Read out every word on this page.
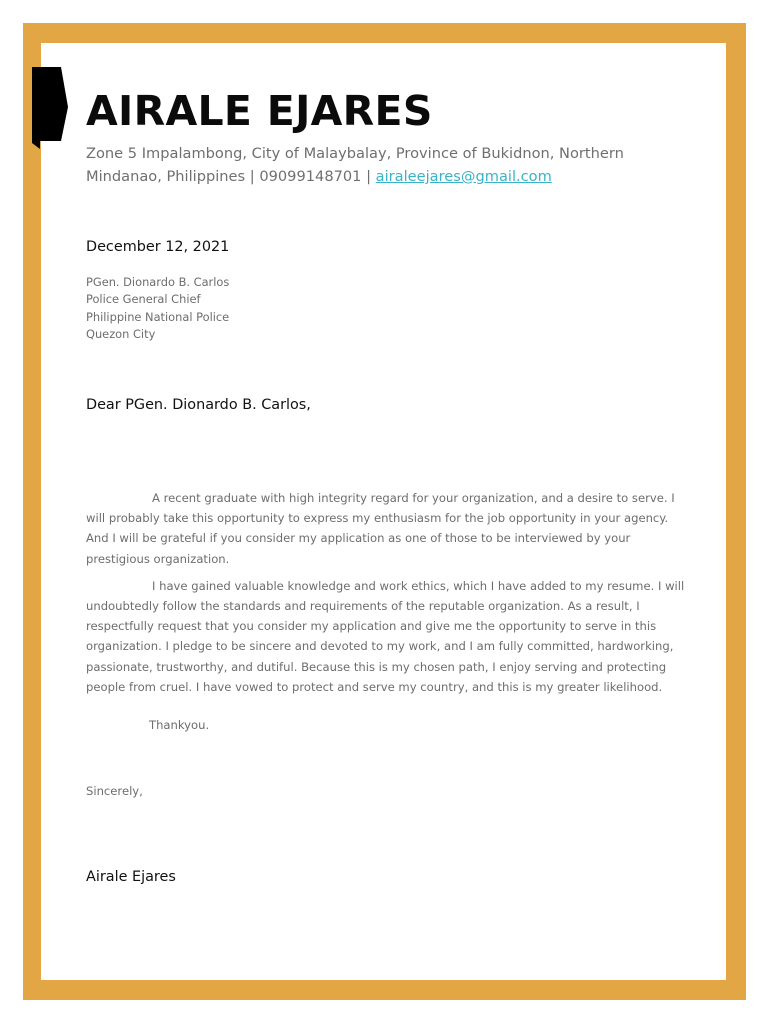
AIRALE EJARES
Zone 5 Impalambong, City of Malaybalay, Province of Bukidnon, Northern Mindanao, Philippines | 09099148701 | airaleejares@gmail.com
December 12, 2021
PGen. Dionardo B. Carlos
Police General Chief
Philippine National Police
Quezon City
Dear PGen. Dionardo B. Carlos,

A recent graduate with high integrity regard for your organization, and a desire to serve. I will probably take this opportunity to express my enthusiasm for the job opportunity in your agency. And I will be grateful if you consider my application as one of those to be interviewed by your prestigious organization.

I have gained valuable knowledge and work ethics, which I have added to my resume. I will undoubtedly follow the standards and requirements of the reputable organization. As a result, I respectfully request that you consider my application and give me the opportunity to serve in this organization. I pledge to be sincere and devoted to my work, and I am fully committed, hardworking, passionate, trustworthy, and dutiful. Because this is my chosen path, I enjoy serving and protecting people from cruel. I have vowed to protect and serve my country, and this is my greater likelihood.

Thankyou.
Sincerely,
Airale Ejares
